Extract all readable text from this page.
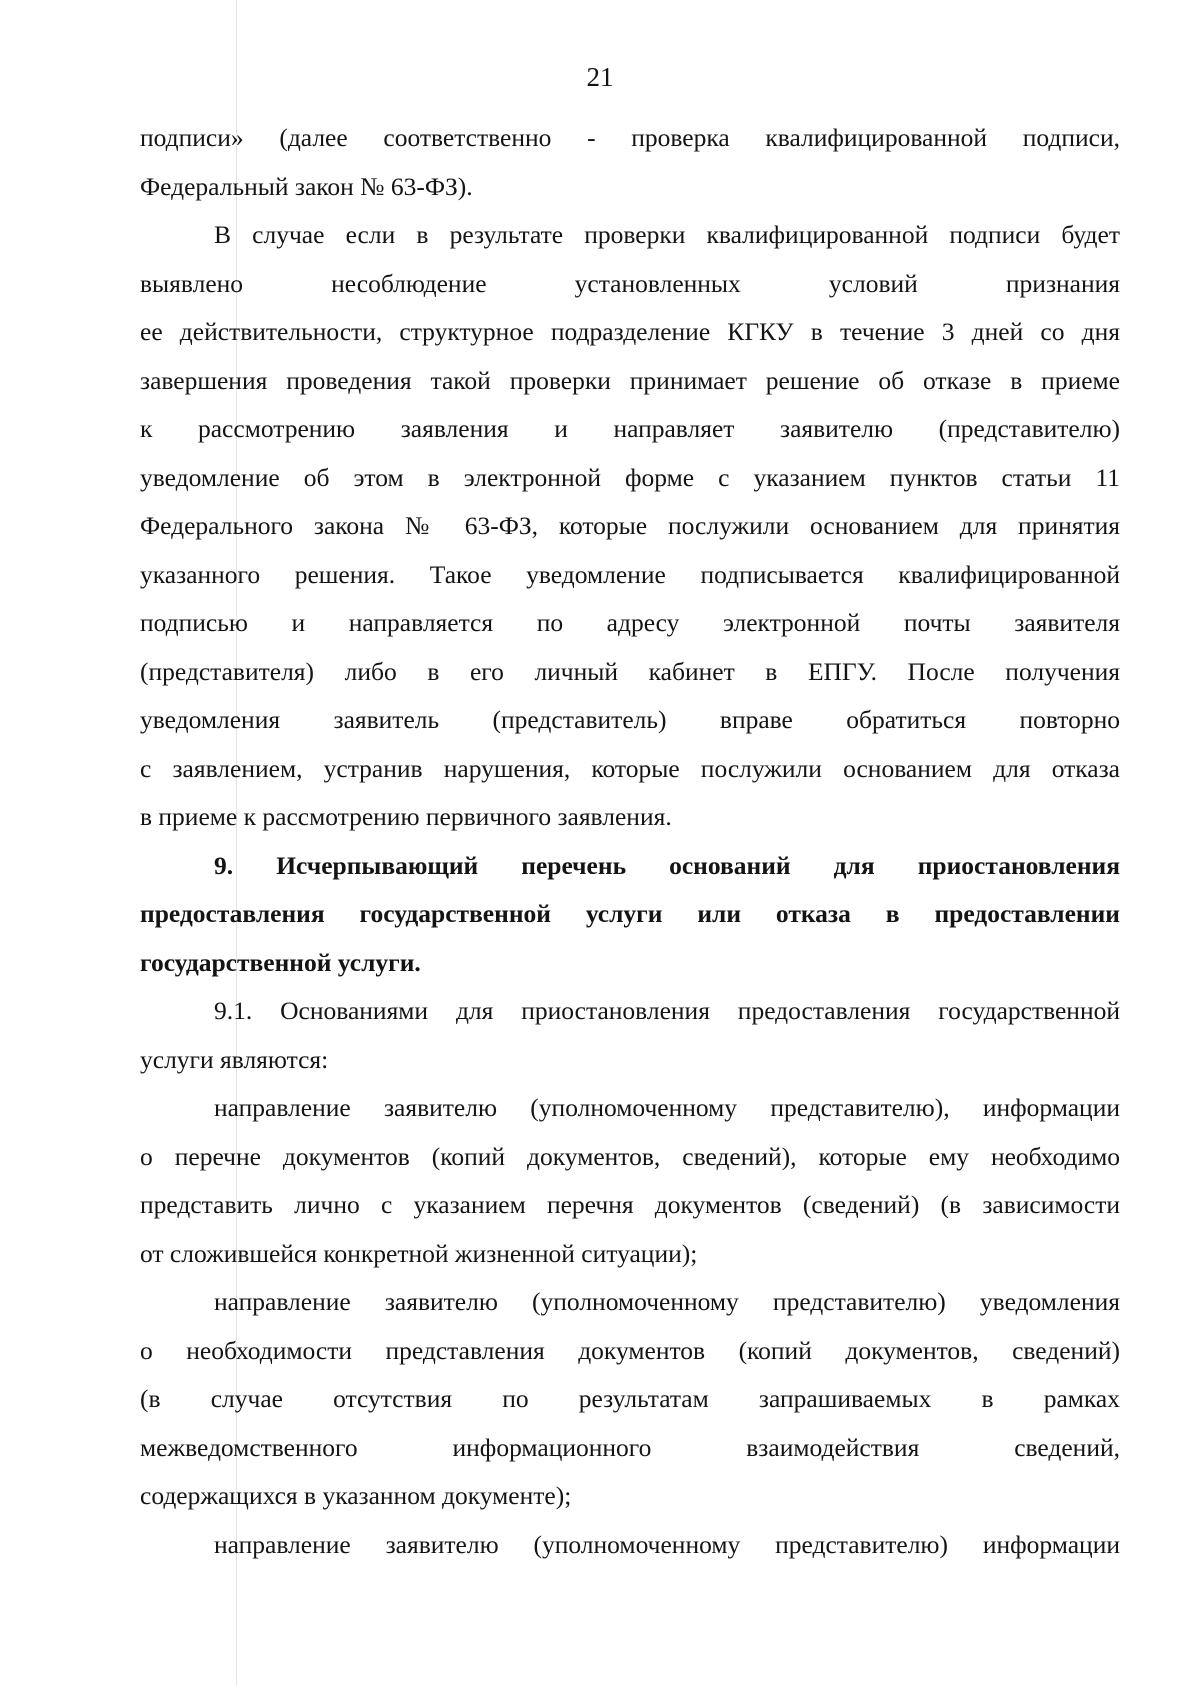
21

подписи» (далее соответственно - проверка квалифицированной подписи,

Федеральный закон № 63-ФЗ).

В случае если в результате проверки квалифицированной подписи будет

выявлено несоблюдение установленных условий признания

ее действительности, структурное подразделение КГКУ в течение 3 дней со дня

завершения проведения такой проверки принимает решение об отказе в приеме

к рассмотрению заявления и направляет заявителю (представителю)

уведомление об этом в электронной форме с указанием пунктов статьи 11

Федерального закона № 63-ФЗ, которые послужили основанием для принятия

указанного решения. Такое уведомление подписывается квалифицированной

подписью и направляется по адресу электронной почты заявителя

(представителя) либо в его личный кабинет в ЕПГУ. После получения

уведомления заявитель (представитель) вправе обратиться повторно

с заявлением, устранив нарушения, которые послужили основанием для отказа

в приеме к рассмотрению первичного заявления.

9. Исчерпывающий перечень оснований для приостановления

предоставления государственной услуги или отказа в предоставлении

государственной услуги.

9.1. Основаниями для приостановления предоставления государственной

услуги являются:

направление заявителю (уполномоченному представителю), информации

о перечне документов (копий документов, сведений), которые ему необходимо

представить лично с указанием перечня документов (сведений) (в зависимости

от сложившейся конкретной жизненной ситуации);

направление заявителю (уполномоченному представителю) уведомления

о необходимости представления документов (копий документов, сведений)

(в случае отсутствия по результатам запрашиваемых в рамках

межведомственного информационного взаимодействия сведений,

содержащихся в указанном документе);

направление заявителю (уполномоченному представителю) информации
